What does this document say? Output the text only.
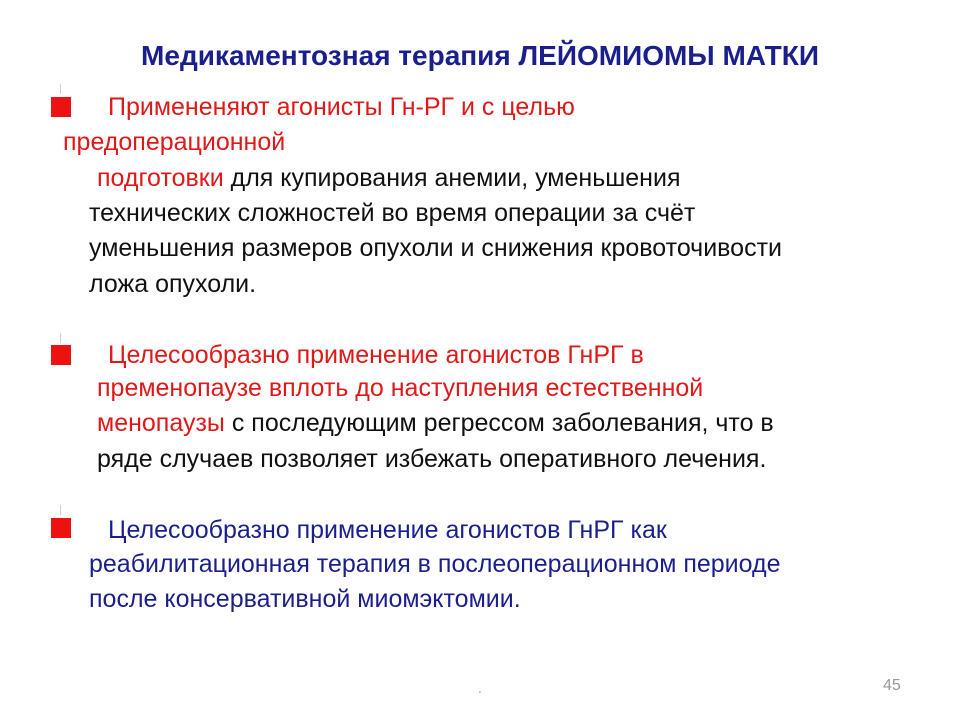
Медикаментозная терапия ЛЕЙОМИОМЫ МАТКИ
Примененяют агонисты Гн-РГ и с целью
предоперационной
подготовки для купирования анемии, уменьшения
технических сложностей во время операции за счёт
уменьшения размеров опухоли и снижения кровоточивости
ложа опухоли.
Целесообразно применение агонистов ГнРГ в
пременопаузе вплоть до наступления естественной
менопаузы с последующим регрессом заболевания, что в
ряде случаев позволяет избежать оперативного лечения.
Целесообразно применение агонистов ГнРГ как
реабилитационная терапия в послеоперационном периоде
после консервативной миомэктомии.
.	45
